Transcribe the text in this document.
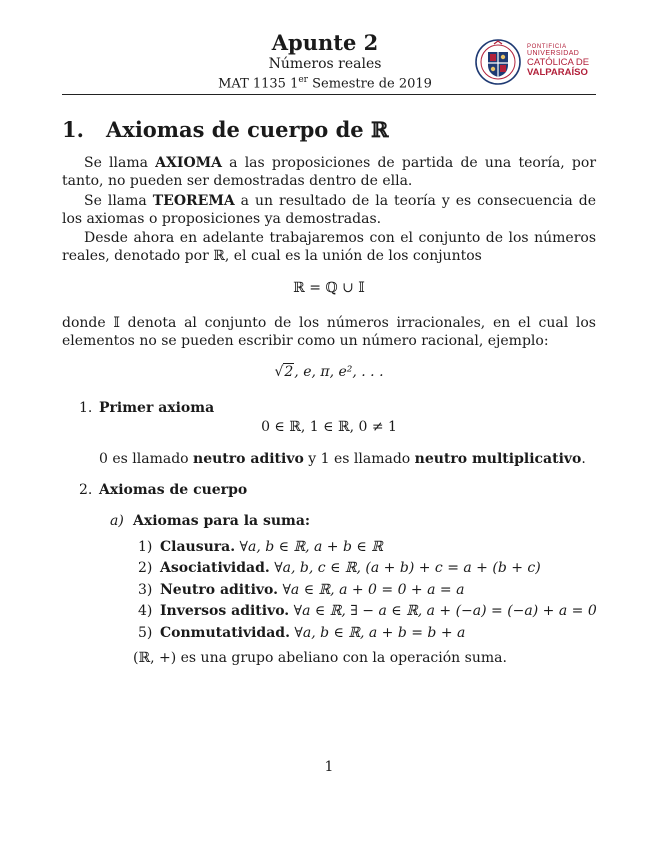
Apunte 2
Números reales
MAT 1135 1er Semestre de 2019
PONTIFICIA
UNIVERSIDAD
CATÓLICA DE
VALPARAÍSO
1. Axiomas de cuerpo de ℝ
Se llama AXIOMA a las proposiciones de partida de una teoría, por tanto, no pueden ser demostradas dentro de ella.
Se llama TEOREMA a un resultado de la teoría y es consecuencia de los axiomas o proposiciones ya demostradas.
Desde ahora en adelante trabajaremos con el conjunto de los números reales, denotado por ℝ, el cual es la unión de los conjuntos
ℝ = ℚ ∪ 𝕀
donde 𝕀 denota al conjunto de los números irracionales, en el cual los elementos no se pueden escribir como un número racional, ejemplo:
√2, e, π, e², . . .
1. Primer axioma
0 ∈ ℝ, 1 ∈ ℝ, 0 ≠ 1
0 es llamado neutro aditivo y 1 es llamado neutro multiplicativo.
2. Axiomas de cuerpo
a) Axiomas para la suma:
1) Clausura. ∀a, b ∈ ℝ, a + b ∈ ℝ
2) Asociatividad. ∀a, b, c ∈ ℝ, (a + b) + c = a + (b + c)
3) Neutro aditivo. ∀a ∈ ℝ, a + 0 = 0 + a = a
4) Inversos aditivo. ∀a ∈ ℝ, ∃ − a ∈ ℝ, a + (−a) = (−a) + a = 0
5) Conmutatividad. ∀a, b ∈ ℝ, a + b = b + a
(ℝ, +) es una grupo abeliano con la operación suma.
1
